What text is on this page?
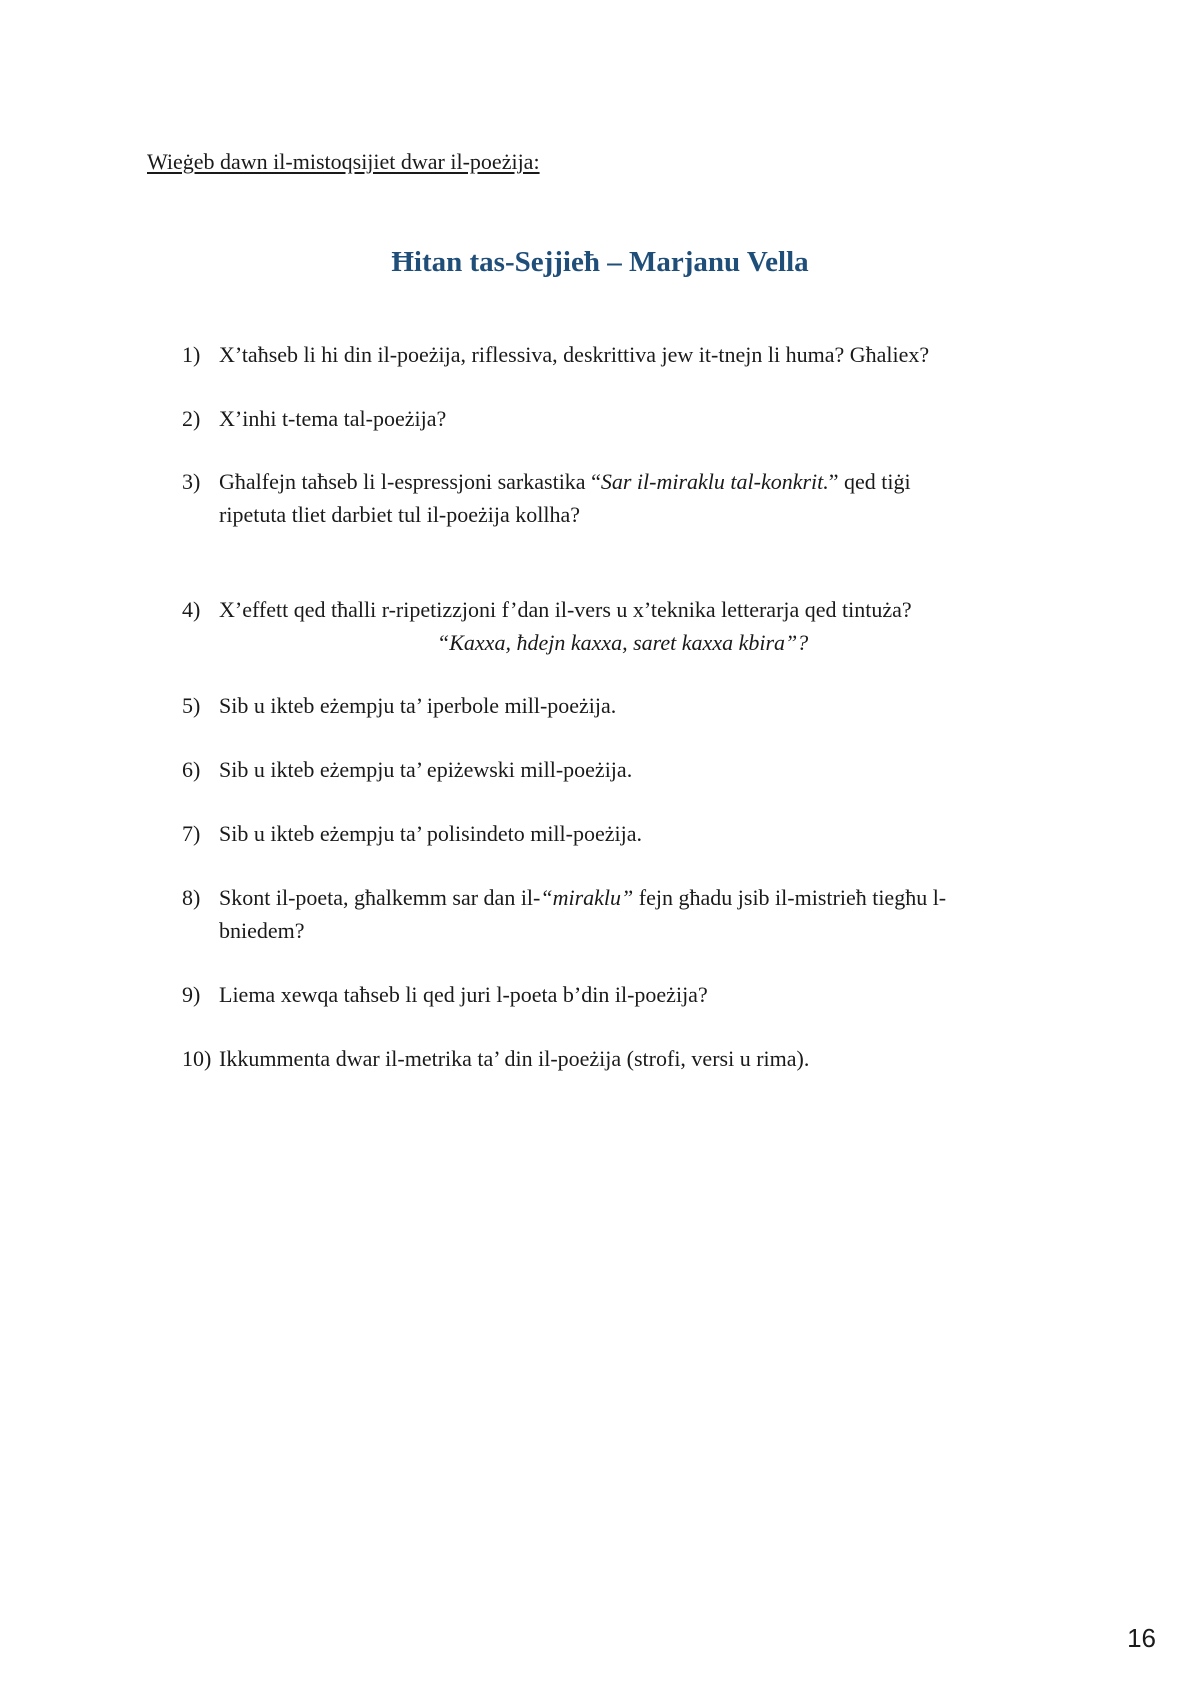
Wieġeb dawn il-mistoqsijiet dwar il-poeżija:

Ħitan tas-Sejjieħ – Marjanu Vella
1) X’taħseb li hi din il-poeżija, riflessiva, deskrittiva jew it-tnejn li huma? Għaliex?
2) X’inhi t-tema tal-poeżija?
3) Għalfejn taħseb li l-espressjoni sarkastika “Sar il-miraklu tal-konkrit.” qed tiġi
ripetuta tliet darbiet tul il-poeżija kollha?
4) X’effett qed tħalli r-ripetizzjoni f’dan il-vers u x’teknika letterarja qed tintuża?
“Kaxxa, ħdejn kaxxa, saret kaxxa kbira”?
5) Sib u ikteb eżempju ta’ iperbole mill-poeżija.
6) Sib u ikteb eżempju ta’ epiżewski mill-poeżija.
7) Sib u ikteb eżempju ta’ polisindeto mill-poeżija.
8) Skont il-poeta, għalkemm sar dan il-“miraklu” fejn għadu jsib il-mistrieħ tiegħu l-
bniedem?
9) Liema xewqa taħseb li qed juri l-poeta b’din il-poeżija?
10) Ikkummenta dwar il-metrika ta’ din il-poeżija (strofi, versi u rima).
16
